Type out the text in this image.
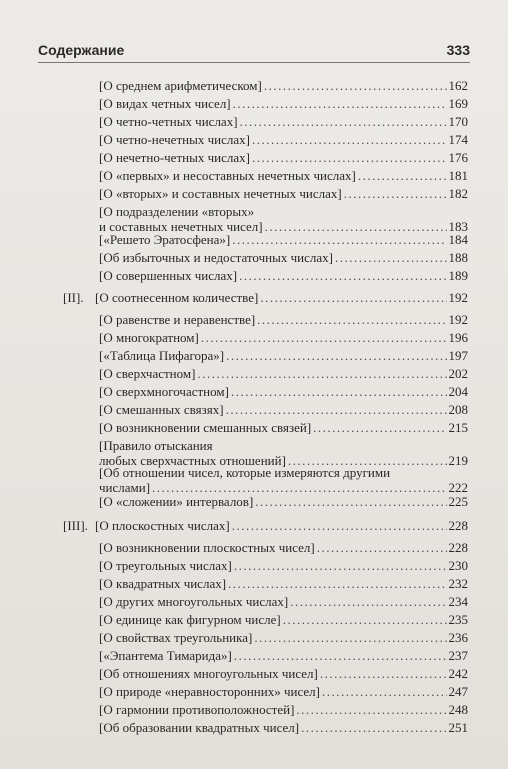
Содержание	333
[О среднем арифметическом] .....	162
[О видах четных чисел] .....	169
[О четно-четных числах] .....	170
[О четно-нечетных числах] .....	174
[О нечетно-четных числах] .....	176
[О «первых» и несоставных нечетных числах] .....	181
[О «вторых» и составных нечетных числах] .....	182
[О подразделении «вторых»
и составных нечетных чисел] .....	183
[«Решето Эратосфена»] .....	184
[Об избыточных и недостаточных числах] .....	188
[О совершенных числах] .....	189
[II]. [О соотнесенном количестве] .....	192
[О равенстве и неравенстве] .....	192
[О многократном] .....	196
[«Таблица Пифагора»] .....	197
[О сверхчастном] .....	202
[О сверхмногочастном] .....	204
[О смешанных связях] .....	208
[О возникновении смешанных связей] .....	215
[Правило отыскания
любых сверхчастных отношений] .....	219
[Об отношении чисел, которые измеряются другими
числами] .....	222
[О «сложении» интервалов] .....	225
[III]. [О плоскостных числах] .....	228
[О возникновении плоскостных чисел] .....	228
[О треугольных числах] .....	230
[О квадратных числах] .....	232
[О других многоугольных числах] .....	234
[О единице как фигурном числе] .....	235
[О свойствах треугольника] .....	236
[«Эпантема Тимарида»] .....	237
[Об отношениях многоугольных чисел] .....	242
[О природе «неравносторонних» чисел] .....	247
[О гармонии противоположностей] .....	248
[Об образовании квадратных чисел] .....	251
